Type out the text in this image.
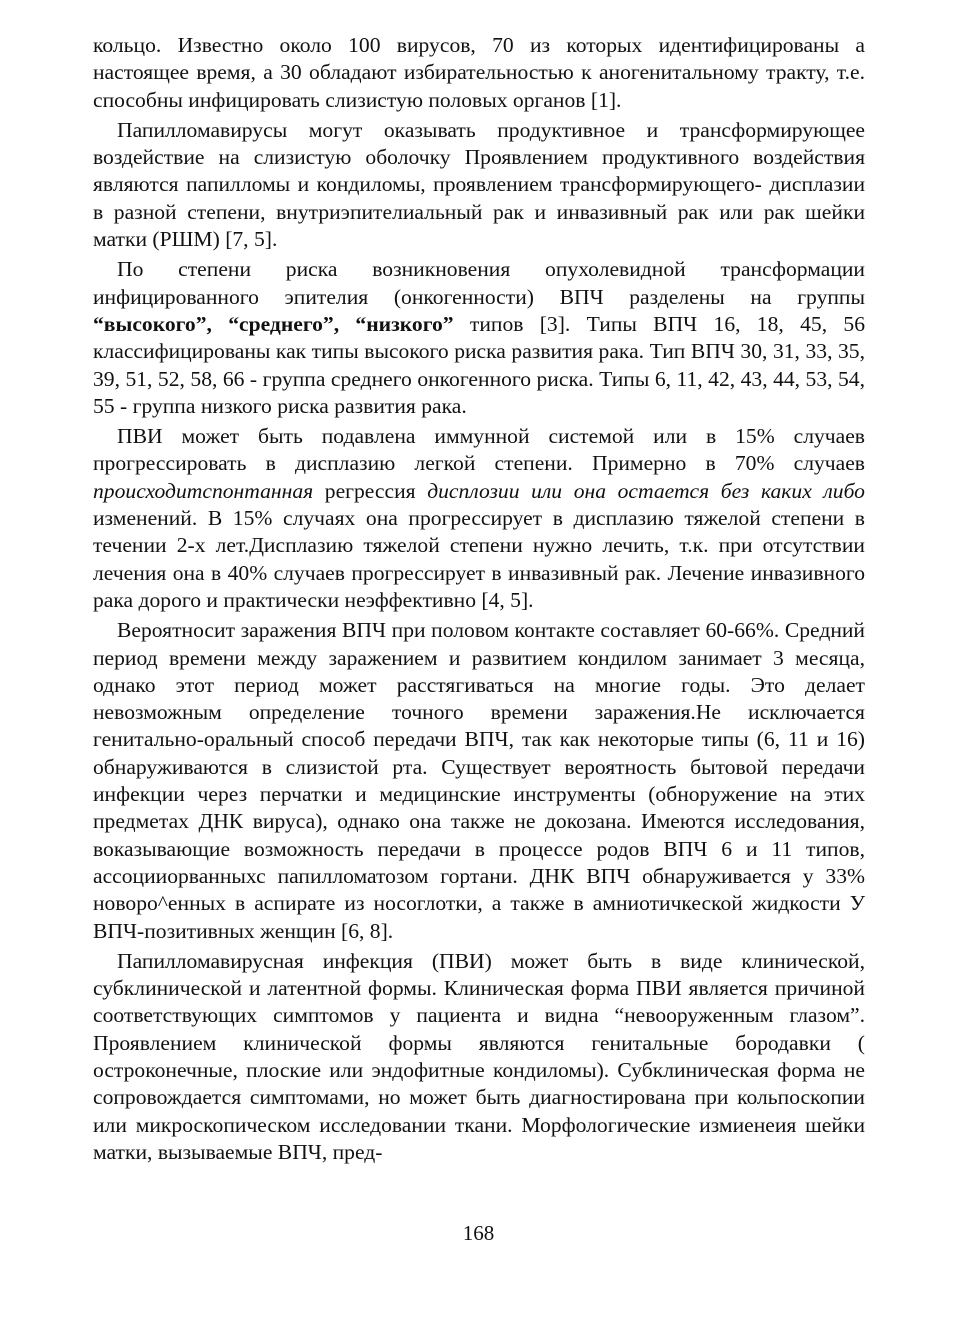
кольцо. Известно около 100 вирусов, 70 из которых идентифицированы а настоящее время, а 30 обладают избирательностью к аногенитальному тракту, т.е. способны инфицировать слизистую половых органов [1].

Папилломавирусы могут оказывать продуктивное и трансформирующее воздействие на слизистую оболочку Проявлением продуктивного воздействия являются папилломы и кондиломы, проявлением трансформирующего- дисплазии в разной степени, внутриэпителиальный рак и инвазивный рак или рак шейки матки (РШМ) [7, 5].

По степени риска возникновения опухолевидной трансформации инфицированного эпителия (онкогенности) ВПЧ разделены на группы “высокого”, “среднего”, “низкого” типов [3]. Типы ВПЧ 16, 18, 45, 56 классифицированы как типы высокого риска развития рака. Тип ВПЧ 30, 31, 33, 35, 39, 51, 52, 58, 66 - группа среднего онкогенного риска. Типы 6, 11, 42, 43, 44, 53, 54, 55 - группа низкого риска развития рака.

ПВИ может быть подавлена иммунной системой или в 15% случаев прогрессировать в дисплазию легкой степени. Примерно в 70% случаев происходитспонтанная регрессия дисплозии или она остается без каких либо изменений. В 15% случаях она прогрессирует в дисплазию тяжелой степени в течении 2-х лет.Дисплазию тяжелой степени нужно лечить, т.к. при отсутствии лечения она в 40% случаев прогрессирует в инвазивный рак. Лечение инвазивного рака дорого и практически неэффективно [4, 5].

Вероятносит заражения ВПЧ при половом контакте составляет 60-66%. Средний период времени между заражением и развитием кондилом занимает 3 месяца, однако этот период может расстягиваться на многие годы. Это делает невозможным определение точного времени заражения.Не исключается генитально-оральный способ передачи ВПЧ, так как некоторые типы (6, 11 и 16) обнаруживаются в слизистой рта. Существует вероятность бытовой передачи инфекции через перчатки и медицинские инструменты (обноружение на этих предметах ДНК вируса), однако она также не докозана. Имеются исследования, воказывающие возможность передачи в процессе родов ВПЧ 6 и 11 типов, ассоцииорванныхс папилломатозом гортани. ДНК ВПЧ обнаруживается у 33% новоро^енных в аспирате из носоглотки, а также в амниотичкеской жидкости У ВПЧ-позитивных женщин [6, 8].

Папилломавирусная инфекция (ПВИ) может быть в виде клинической, субклинической и латентной формы. Клиническая форма ПВИ является причиной соответствующих симптомов у пациента и видна “невооруженным глазом”. Проявлением клинической формы являются генитальные бородавки ( остроконечные, плоские или эндофитные кондиломы). Субклиническая форма не сопровождается симптомами, но может быть диагностирована при кольпоскопии или микроскопическом исследовании ткани. Морфологические измиенеия шейки матки, вызываемые ВПЧ, пред-

168
